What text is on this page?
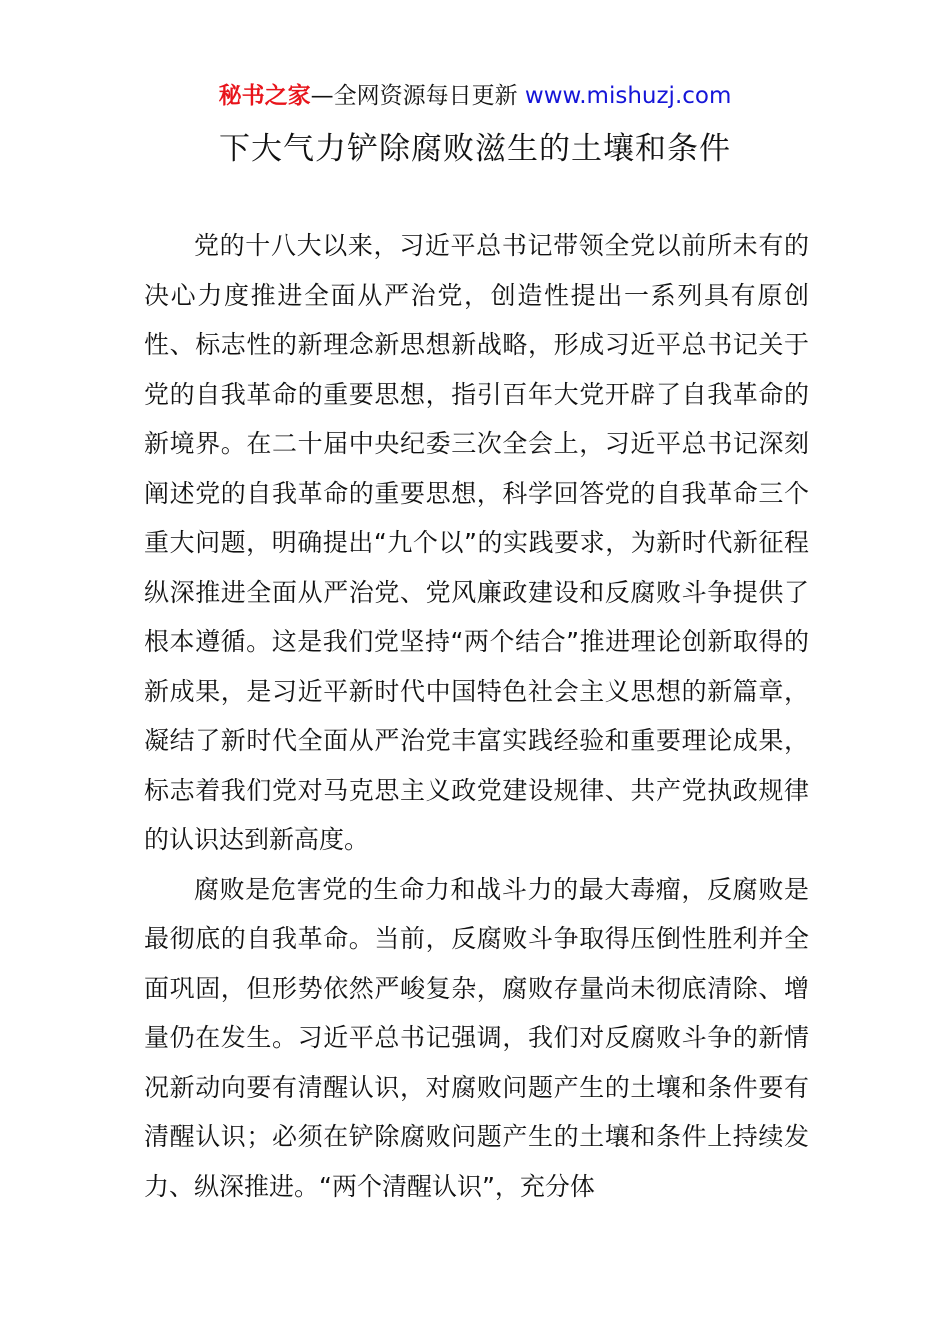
秘书之家—全网资源每日更新 www.mishuzj.com
下大气力铲除腐败滋生的土壤和条件

党的十八大以来，习近平总书记带领全党以前所未有的决心力度推进全面从严治党，创造性提出一系列具有原创性、标志性的新理念新思想新战略，形成习近平总书记关于党的自我革命的重要思想，指引百年大党开辟了自我革命的新境界。在二十届中央纪委三次全会上，习近平总书记深刻阐述党的自我革命的重要思想，科学回答党的自我革命三个重大问题，明确提出“九个以”的实践要求，为新时代新征程纵深推进全面从严治党、党风廉政建设和反腐败斗争提供了根本遵循。这是我们党坚持“两个结合”推进理论创新取得的新成果，是习近平新时代中国特色社会主义思想的新篇章，凝结了新时代全面从严治党丰富实践经验和重要理论成果，标志着我们党对马克思主义政党建设规律、共产党执政规律的认识达到新高度。

腐败是危害党的生命力和战斗力的最大毒瘤，反腐败是最彻底的自我革命。当前，反腐败斗争取得压倒性胜利并全面巩固，但形势依然严峻复杂，腐败存量尚未彻底清除、增量仍在发生。习近平总书记强调，我们对反腐败斗争的新情况新动向要有清醒认识，对腐败问题产生的土壤和条件要有清醒认识；必须在铲除腐败问题产生的土壤和条件上持续发力、纵深推进。“两个清醒认识”，充分体
